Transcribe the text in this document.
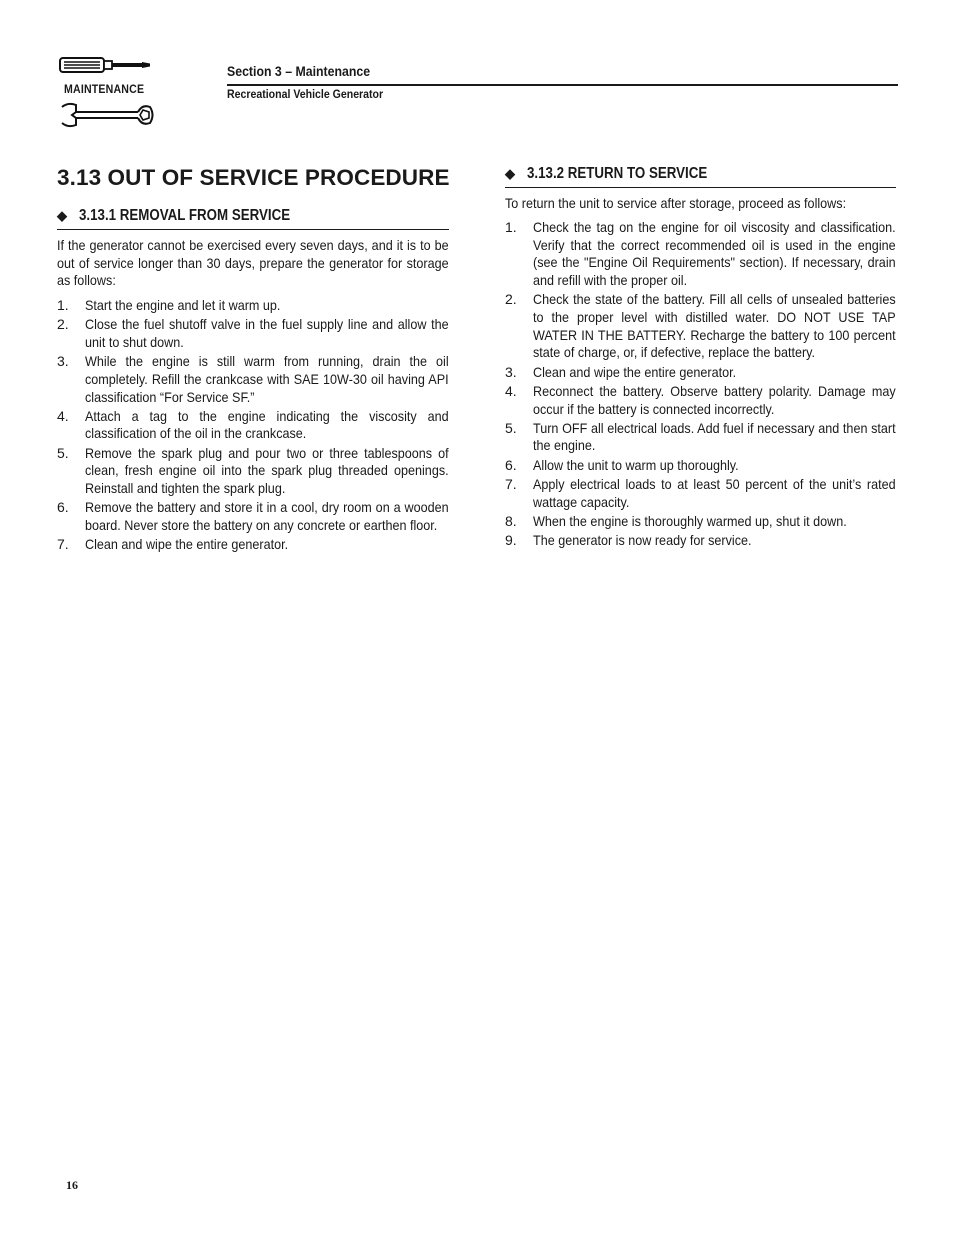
MAINTENANCE
Section 3 – Maintenance
Recreational Vehicle Generator
3.13 OUT OF SERVICE PROCEDURE
◆ 3.13.1 REMOVAL FROM SERVICE

If the generator cannot be exercised every seven days, and it is to be out of service longer than 30 days, prepare the generator for storage as follows:

1. Start the engine and let it warm up.
2. Close the fuel shutoff valve in the fuel supply line and allow the unit to shut down.
3. While the engine is still warm from running, drain the oil completely. Refill the crankcase with SAE 10W-30 oil having API classification “For Service SF.”
4. Attach a tag to the engine indicating the viscosity and classification of the oil in the crankcase.
5. Remove the spark plug and pour two or three tablespoons of clean, fresh engine oil into the spark plug threaded openings. Reinstall and tighten the spark plug.
6. Remove the battery and store it in a cool, dry room on a wooden board. Never store the battery on any concrete or earthen floor.
7. Clean and wipe the entire generator.
◆ 3.13.2 RETURN TO SERVICE

To return the unit to service after storage, proceed as follows:

1. Check the tag on the engine for oil viscosity and classification. Verify that the correct recommended oil is used in the engine (see the "Engine Oil Requirements" section). If necessary, drain and refill with the proper oil.
2. Check the state of the battery. Fill all cells of unsealed batteries to the proper level with distilled water. DO NOT USE TAP WATER IN THE BATTERY. Recharge the battery to 100 percent state of charge, or, if defective, replace the battery.
3. Clean and wipe the entire generator.
4. Reconnect the battery. Observe battery polarity. Damage may occur if the battery is connected incorrectly.
5. Turn OFF all electrical loads. Add fuel if necessary and then start the engine.
6. Allow the unit to warm up thoroughly.
7. Apply electrical loads to at least 50 percent of the unit’s rated wattage capacity.
8. When the engine is thoroughly warmed up, shut it down.
9. The generator is now ready for service.
16
